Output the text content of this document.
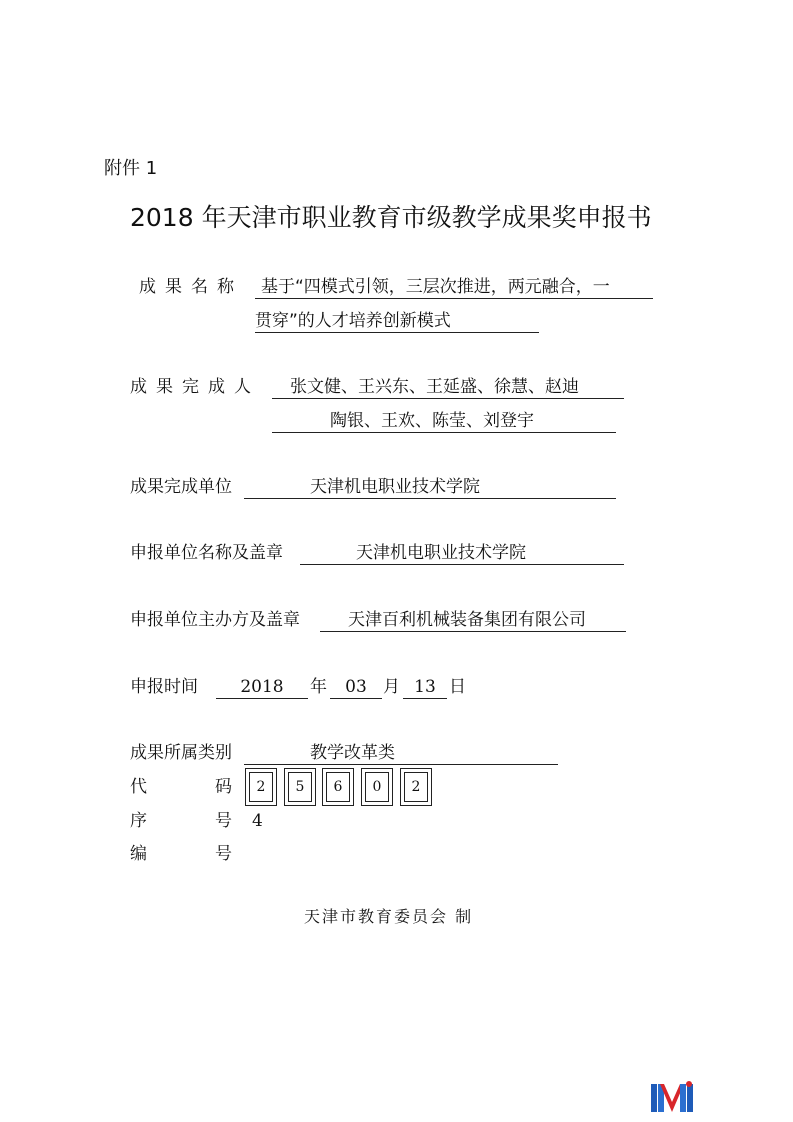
附件 1
2018 年天津市职业教育市级教学成果奖申报书
成果名称	基于“四模式引领，三层次推进，两元融合，一
贯穿”的人才培养创新模式
成果完成人	张文健、王兴东、王延盛、徐慧、赵迪
陶银、王欢、陈莹、刘登宇
成果完成单位	天津机电职业技术学院
申报单位名称及盖章	天津机电职业技术学院
申报单位主办方及盖章	天津百利机械装备集团有限公司
申报时间	2018	年	03 月 13 日
成果所属类别	教学改革类
代	码	2	5	6	0	2
序	号 4
编	号
天津市教育委员会 制
